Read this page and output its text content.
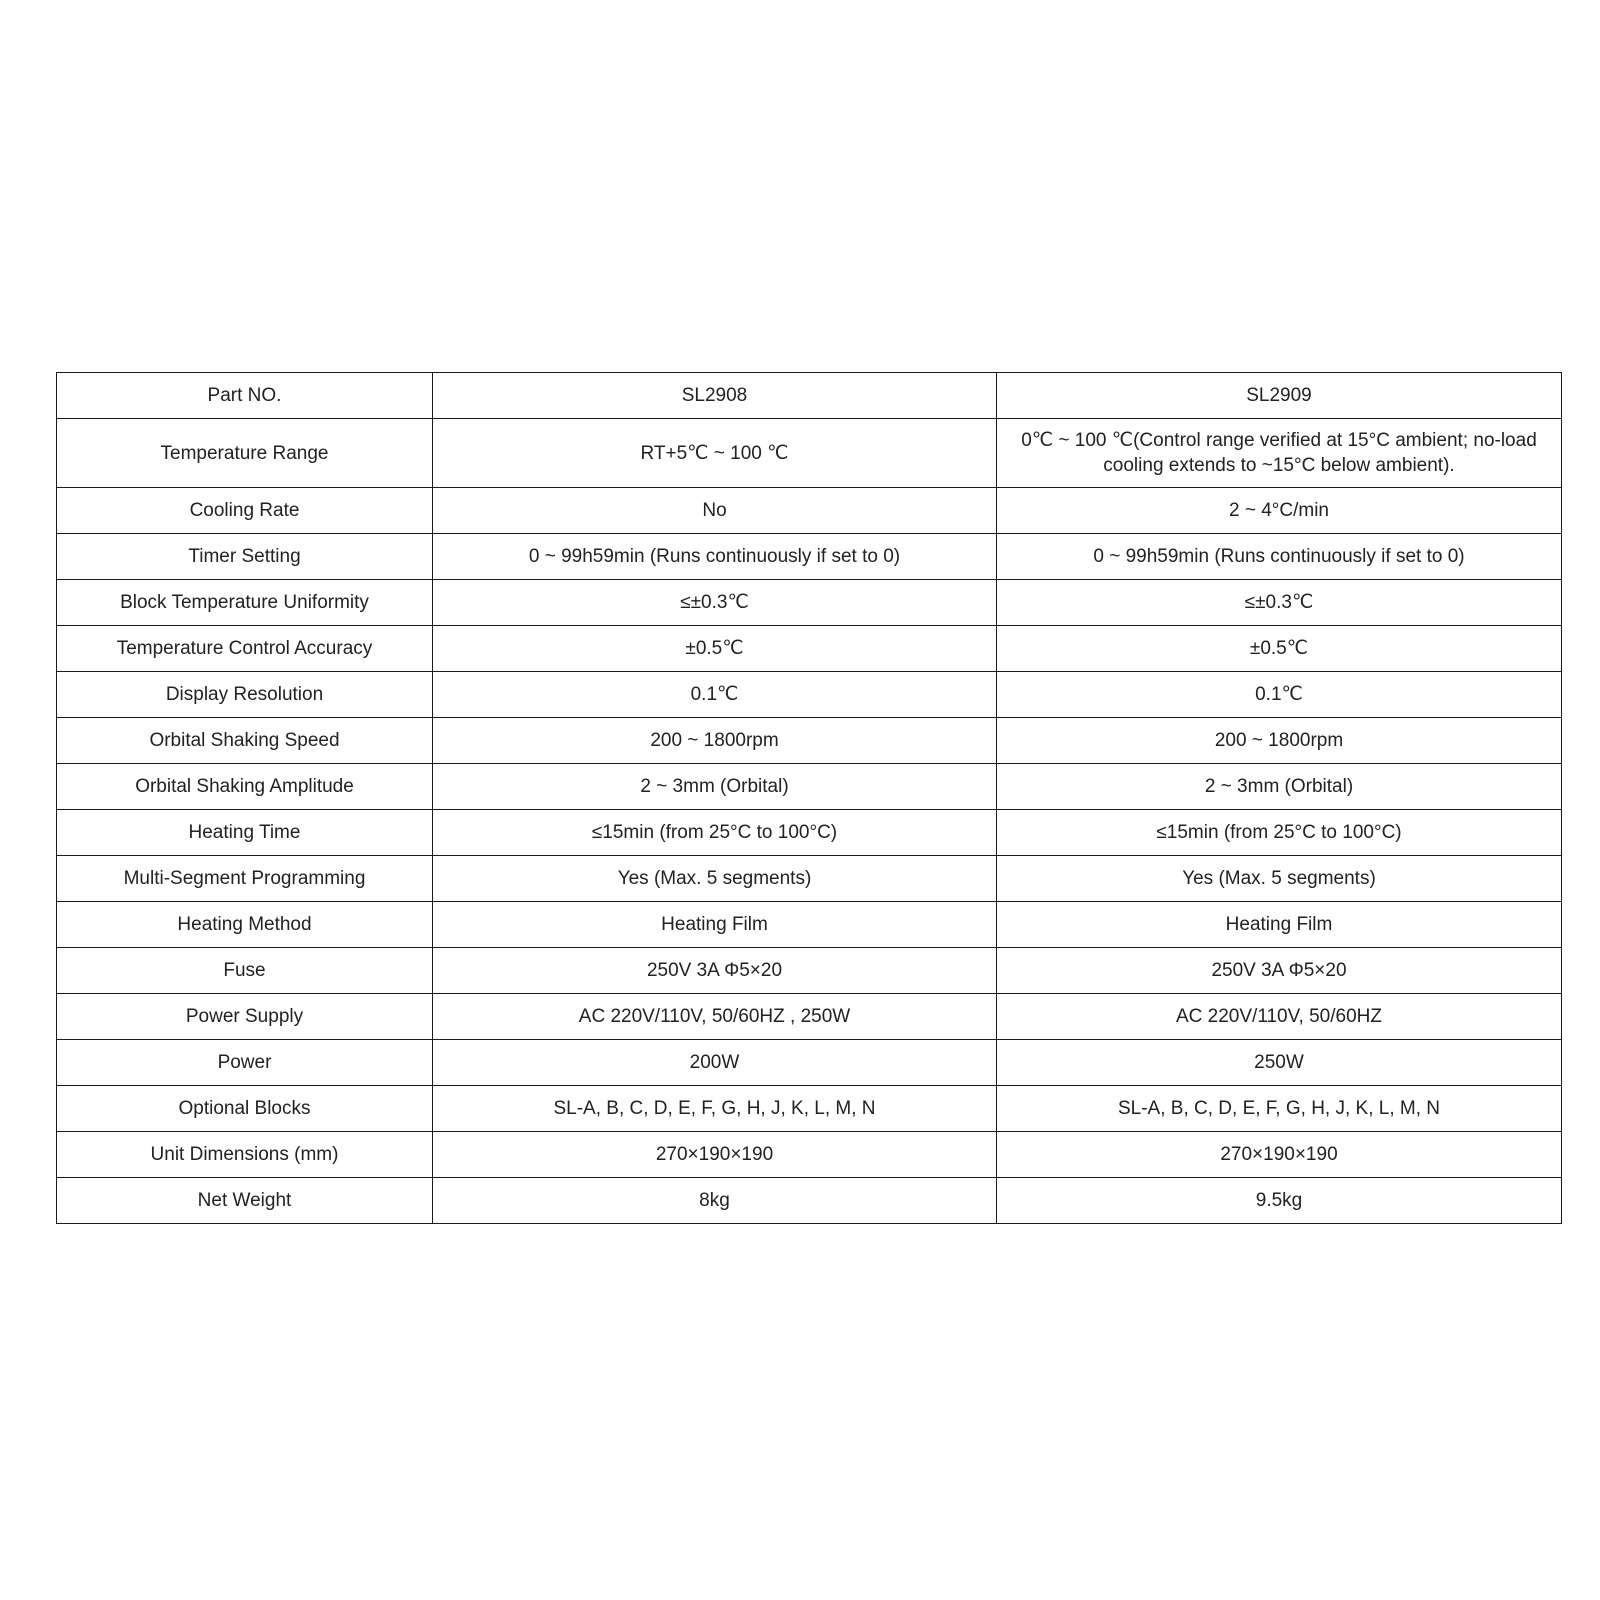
Part NO.	SL2908	SL2909
Temperature Range	RT+5℃ ~ 100 ℃	0℃ ~ 100 ℃(Control range verified at 15°C ambient; no-load cooling extends to ~15°C below ambient).
Cooling Rate	No	2 ~ 4°C/min
Timer Setting	0 ~ 99h59min (Runs continuously if set to 0)	0 ~ 99h59min (Runs continuously if set to 0)
Block Temperature Uniformity	≤±0.3℃	≤±0.3℃
Temperature Control Accuracy	±0.5℃	±0.5℃
Display Resolution	0.1℃	0.1℃
Orbital Shaking Speed	200 ~ 1800rpm	200 ~ 1800rpm
Orbital Shaking Amplitude	2 ~ 3mm (Orbital)	2 ~ 3mm (Orbital)
Heating Time	≤15min (from 25°C to 100°C)	≤15min (from 25°C to 100°C)
Multi-Segment Programming	Yes (Max. 5 segments)	Yes (Max. 5 segments)
Heating Method	Heating Film	Heating Film
Fuse	250V 3A Φ5×20	250V 3A Φ5×20
Power Supply	AC 220V/110V, 50/60HZ , 250W	AC 220V/110V, 50/60HZ
Power	200W	250W
Optional Blocks	SL-A, B, C, D, E, F, G, H, J, K, L, M, N	SL-A, B, C, D, E, F, G, H, J, K, L, M, N
Unit Dimensions (mm)	270×190×190	270×190×190
Net Weight	8kg	9.5kg
